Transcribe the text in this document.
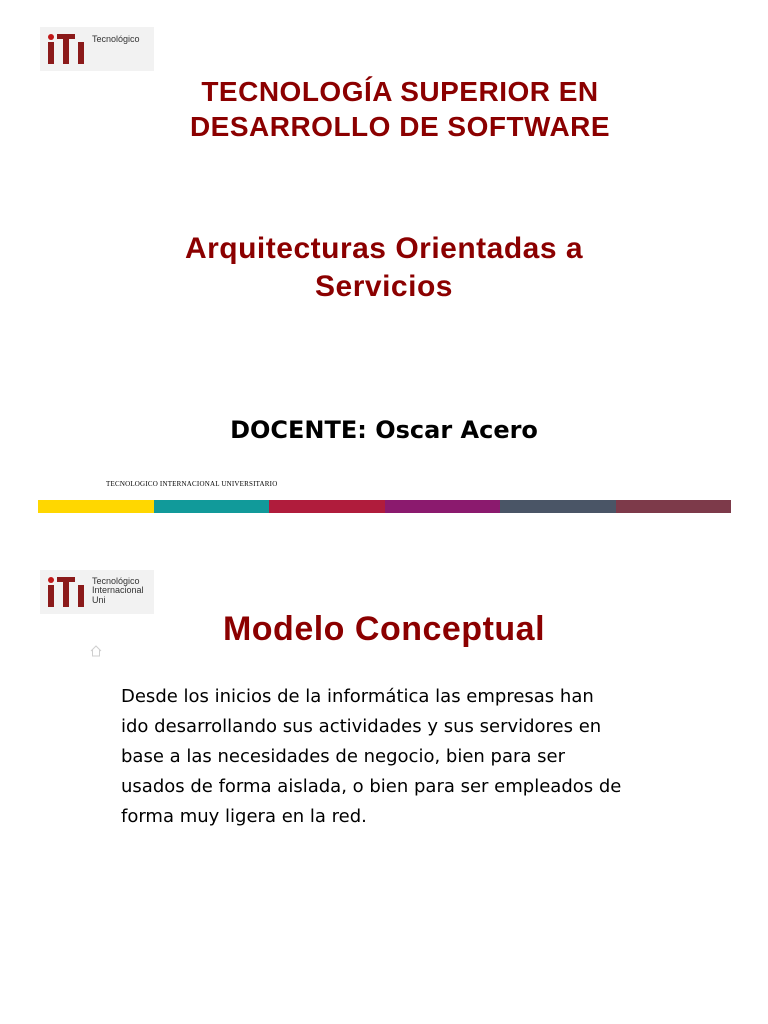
Tecnológico
TECNOLOGÍA SUPERIOR EN
DESARROLLO DE SOFTWARE
Arquitecturas Orientadas a
Servicios
DOCENTE: Oscar Acero
TECNOLOGICO INTERNACIONAL UNIVERSITARIO
Tecnológico
Internacional
Uni
Modelo Conceptual
Desde los inicios de la informática las empresas han
ido desarrollando sus actividades y sus servidores en
base a las necesidades de negocio, bien para ser
usados de forma aislada, o bien para ser empleados de
forma muy ligera en la red.
